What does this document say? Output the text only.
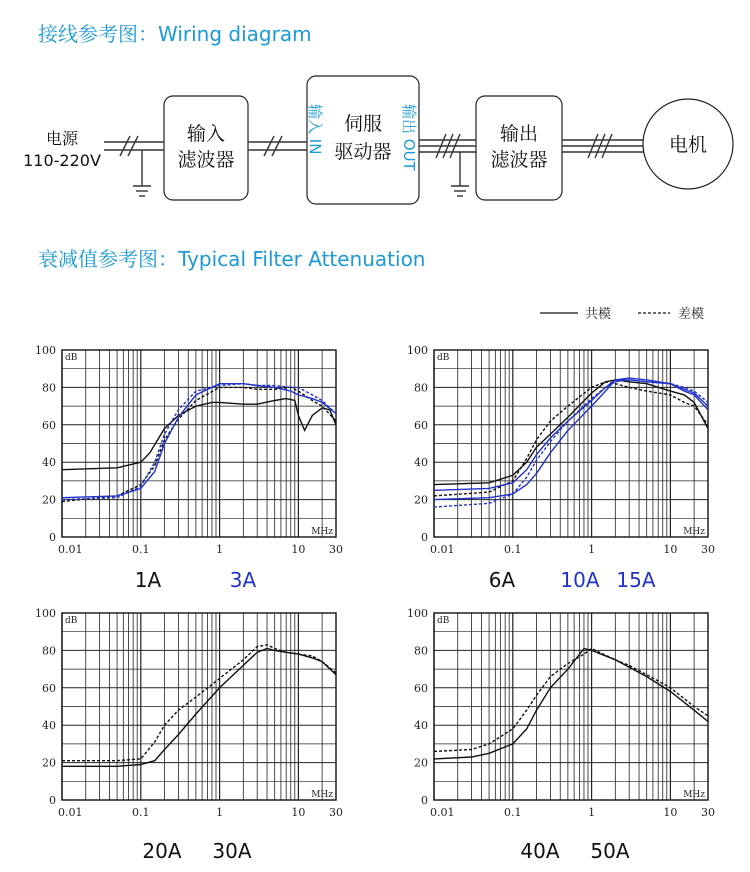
接线参考图：Wiring diagram
电源
110-220V
输入
滤波器
伺服
驱动器
输入 IN	输出 OUT	输出
滤波器
电机
衰减值参考图：Typical Filter Attenuation
共模	差模
0
20
40
60
80
100
0.01	0.1	1	10 30
dB
MHz
1A	3A
0
20
40
60
80
100
0.01	0.1	1	10 30
dB
MHz
6A 10A 15A
0
20
40
60
80
100
0.01	0.1	1	10 30
dB
MHz
20A 30A
0
20
40
60
80
100
0.01	0.1	1	10 30
dB
MHz
40A 50A
